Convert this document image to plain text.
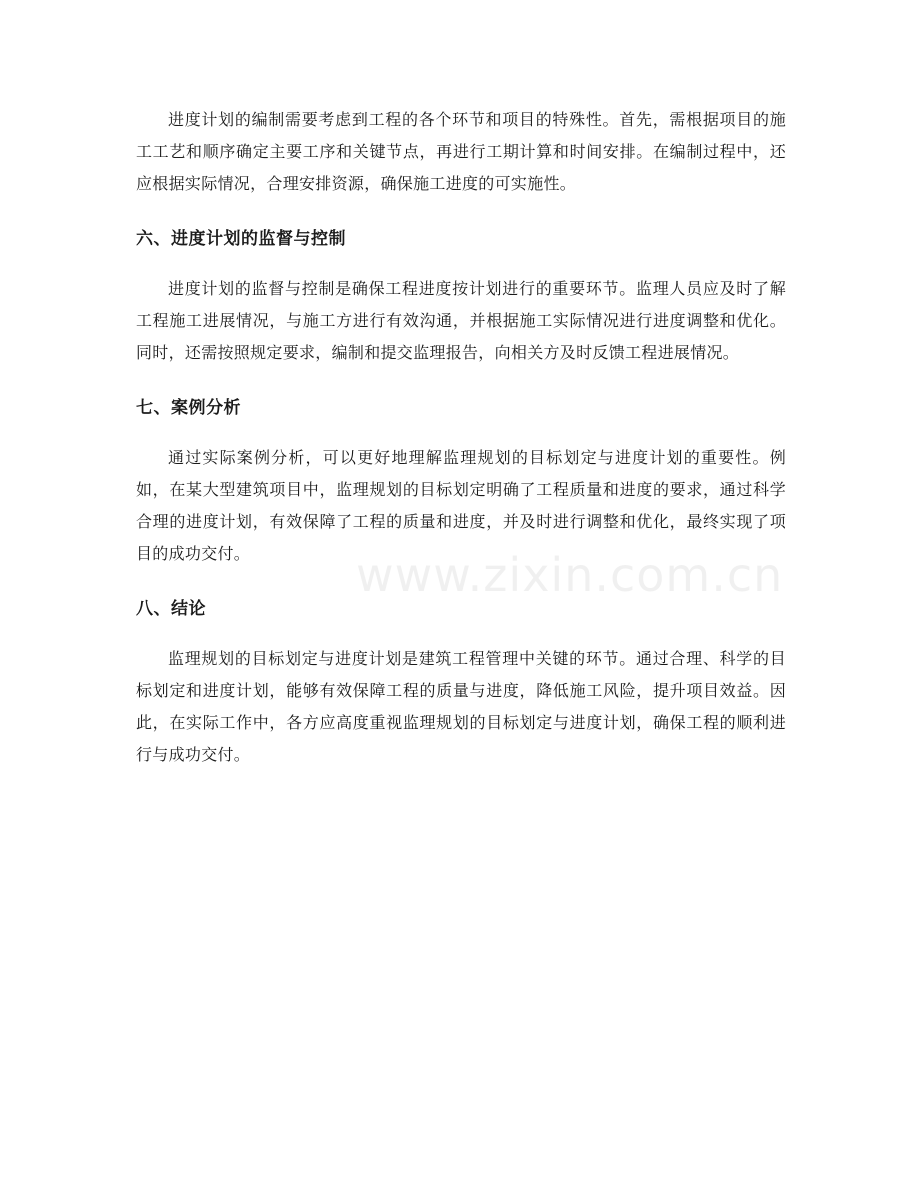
进度计划的编制需要考虑到工程的各个环节和项目的特殊性。首先，需根据项目的施工工艺和顺序确定主要工序和关键节点，再进行工期计算和时间安排。在编制过程中，还应根据实际情况，合理安排资源，确保施工进度的可实施性。

六、进度计划的监督与控制

进度计划的监督与控制是确保工程进度按计划进行的重要环节。监理人员应及时了解工程施工进展情况，与施工方进行有效沟通，并根据施工实际情况进行进度调整和优化。同时，还需按照规定要求，编制和提交监理报告，向相关方及时反馈工程进展情况。

七、案例分析

通过实际案例分析，可以更好地理解监理规划的目标划定与进度计划的重要性。例如，在某大型建筑项目中，监理规划的目标划定明确了工程质量和进度的要求，通过科学合理的进度计划，有效保障了工程的质量和进度，并及时进行调整和优化，最终实现了项目的成功交付。

八、结论

监理规划的目标划定与进度计划是建筑工程管理中关键的环节。通过合理、科学的目标划定和进度计划，能够有效保障工程的质量与进度，降低施工风险，提升项目效益。因此，在实际工作中，各方应高度重视监理规划的目标划定与进度计划，确保工程的顺利进行与成功交付。

www.zixin.com.cn
